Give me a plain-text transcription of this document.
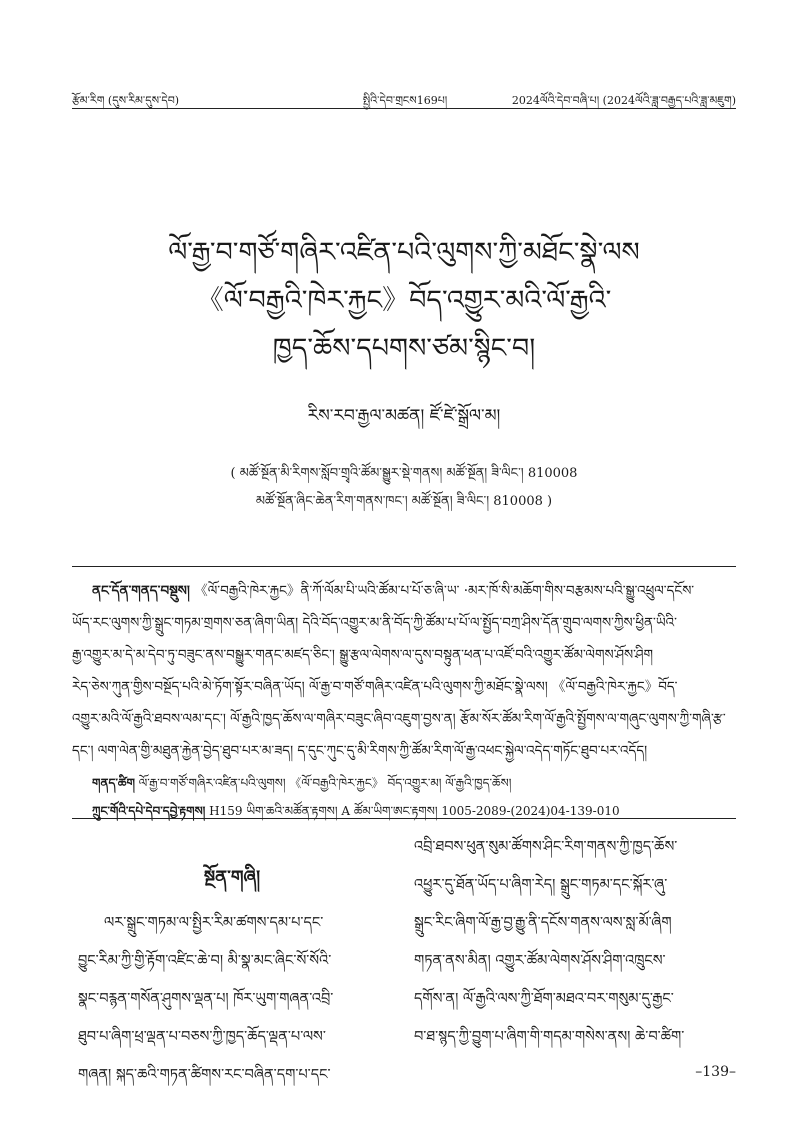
རྩོམ་རིག (དུས་རིམ་དུས་དེབ)	སྤྱིའི་དེབ་གྲངས169པ།	2024ལོའི་དེབ་བཞི་པ། (2024ལོའི་ཟླ་བརྒྱད་པའི་ཟླ་མཇུག)
ལོ་རྒྱ་བ་གཙོ་གཞིར་འཛིན་པའི་ལུགས་ཀྱི་མཐོང་སྣེ་ལས
《ལོ་བརྒྱའི་ཁེར་རྐྱང》བོད་འགྱུར་མའི་ལོ་རྒྱའི་
ཁྱད་ཆོས་དཔགས་ཙམ་སྙིང་བ།
རིས་རབ་རྒྱལ་མཚན། ཛོ་ཛེ་སྒྲོལ་མ།
( མཚོ་སྔོན་མི་རིགས་སློབ་གྲྭའི་ཚོམ་སྒྱུར་སྡེ་གནས། མཚོ་སྔོན། ཟི་ལིང་། 810008
མཚོ་སྔོན་ཞིང་ཆེན་རིག་གནས་ཁང་། མཚོ་སྔོན། ཟི་ལིང་། 810008 )
ནང་དོན་གནད་བསྡུས། 《ལོ་བརྒྱའི་ཁེར་རྐྱང》ནི་ཀོ་ལོམ་པི་ཡའི་ཚོམ་པ་པོ་ཅ་ཞི་ཡ་ ·མར་ཁོ་སི་མཆོག་གིས་བརྩམས་པའི་སྒྱུ་འཕྲུལ་དངོས་
ཡོད་རང་ལུགས་ཀྱི་སྒྲུང་གཏམ་གྲགས་ཅན་ཞིག་ཡིན། དེའི་བོད་འགྱུར་མ་ནི་བོད་ཀྱི་ཚོམ་པ་པོ་ལ་སྤྱོད་བཀྲ་ཤིས་དོན་གྲུབ་ལགས་ཀྱིས་ཕྱིན་ཡིའི་
རྒྱ་འགྱུར་མ་དེ་མ་དེབ་ཏུ་བཟུང་ནས་བསྒྱུར་གནང་མཛད་ཅིང་། སྒྱུ་རྩལ་ལེགས་ལ་དུས་བསྟུན་ཕན་པ་འཛོ་བའི་འགྱུར་ཚོམ་ལེགས་ཤོས་ཤིག
རེད་ཅེས་ཀུན་གྱིས་བསྔོད་པའི་མེ་ཏོག་སྟོར་བཞིན་ཡོད། ལོ་རྒྱ་བ་གཙོ་གཞིར་འཛིན་པའི་ལུགས་ཀྱི་མཐོང་སྣེ་ལས། 《ལོ་བརྒྱའི་ཁེར་རྐྱང》བོད་
འགྱུར་མའི་ལོ་རྒྱའི་ཐབས་ལམ་དང་། ལོ་རྒྱའི་ཁྱད་ཆོས་ལ་གཞིར་བཟུང་ཞིབ་འཇུག་བྱས་ན། རྩོམ་སོར་ཚོམ་རིག་ལོ་རྒྱའི་སྤྱོགས་ལ་གཞུང་ལུགས་ཀྱི་གཞི་རྩ་
དང་། ལག་ལེན་གྱི་མཐུན་རྐྱེན་བྱེད་ཐུབ་པར་མ་ཟད། ད་དུང་ཀུང་དུ་མི་རིགས་ཀྱི་ཚོམ་རིག་ལོ་རྒྱ་འཕང་སྐྱེལ་འདེད་གཏོང་ཐུབ་པར་འདོད།
གནད་ཚིག ལོ་རྒྱ་བ་གཙོ་གཞིར་འཛིན་པའི་ལུགས། 《ལོ་བརྒྱའི་ཁེར་རྐྱང》 བོད་འགྱུར་མ། ལོ་རྒྱའི་ཁྱད་ཆོས།
ཀྲུང་གོའི་དཔེ་དེབ་དབྱེ་རྟགས། H159 ཡིག་ཆའི་མཚོན་རྟགས། A ཚོམ་ཡིག་ཨང་རྟགས། 1005-2089-(2024)04-139-010
སྔོན་གཞི།
ལར་སྒྲུང་གཏམ་ལ་སྤྱིར་རིམ་ཚགས་དམ་པ་དང་
བྱུང་རིམ་ཀྱི་གྱི་རྟོག་འཛིང་ཆེ་བ། མི་སྣ་མང་ཞིང་སོ་སོའི་
སྣང་བརྙན་གསོན་ཤུགས་ལྡན་པ། ཁོར་ཡུག་གཞན་འབྲི་
ཐུབ་པ་ཞིག་ཕྲ་ལྡན་པ་བཅས་ཀྱི་ཁྱད་ཆོད་ལྡན་པ་ལས་
གཞན། སྐད་ཆའི་གཏན་ཚིགས་རང་བཞིན་དག་པ་དང་
འབྲི་ཐབས་ཕུན་སུམ་ཚོགས་ཤིང་རིག་གནས་ཀྱི་ཁྱད་ཆོས་
འཕྱུར་དུ་ཐོན་ཡོད་པ་ཞིག་རེད། སྒྲུང་གཏམ་དང་སྐོར་ཞུ་
སྒྲུང་རིང་ཞིག་ལོ་རྒྱ་བྱ་རྒྱུ་ནི་དངོས་གནས་ལས་སླ་མོ་ཞིག
གཏན་ནས་མིན། འགྱུར་ཚོམ་ལེགས་ཤོས་ཤིག་འཁྲུངས་
དགོས་ན། ལོ་རྒྱའི་ལས་ཀྱི་ཐོག་མཐའ་བར་གསུམ་དུ་རྒྱང་
བ་ཐ་སྙད་ཀྱི་བྱུག་པ་ཞིག་གི་གདམ་གསེས་ནས། ཆེ་བ་ཚིག་
–139–
